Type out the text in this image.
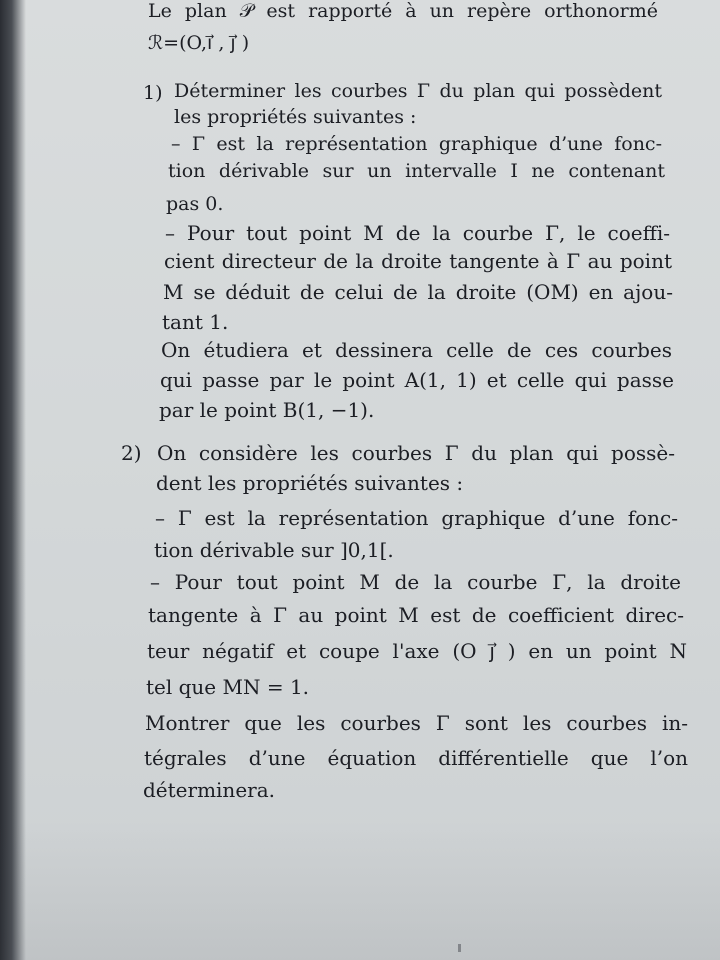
Le plan 𝒫 est rapporté à un repère orthonormé
ℛ=(O,i⃗ , j⃗ )
1) Déterminer les courbes Γ du plan qui possèdent
les propriétés suivantes :
– Γ est la représentation graphique d’une fonc-
tion dérivable sur un intervalle I ne contenant
pas 0.
– Pour tout point M de la courbe Γ, le coeffi-
cient directeur de la droite tangente à Γ au point
M se déduit de celui de la droite (OM) en ajou-
tant 1.
On étudiera et dessinera celle de ces courbes
qui passe par le point A(1, 1) et celle qui passe
par le point B(1, −1).
2) On considère les courbes Γ du plan qui possè-
dent les propriétés suivantes :
– Γ est la représentation graphique d’une fonc-
tion dérivable sur ]0,1[.
– Pour tout point M de la courbe Γ, la droite
tangente à Γ au point M est de coefficient direc-
teur négatif et coupe l'axe (O j⃗ ) en un point N
tel que MN = 1.
Montrer que les courbes Γ sont les courbes in-
tégrales d’une équation différentielle que l’on
déterminera.
